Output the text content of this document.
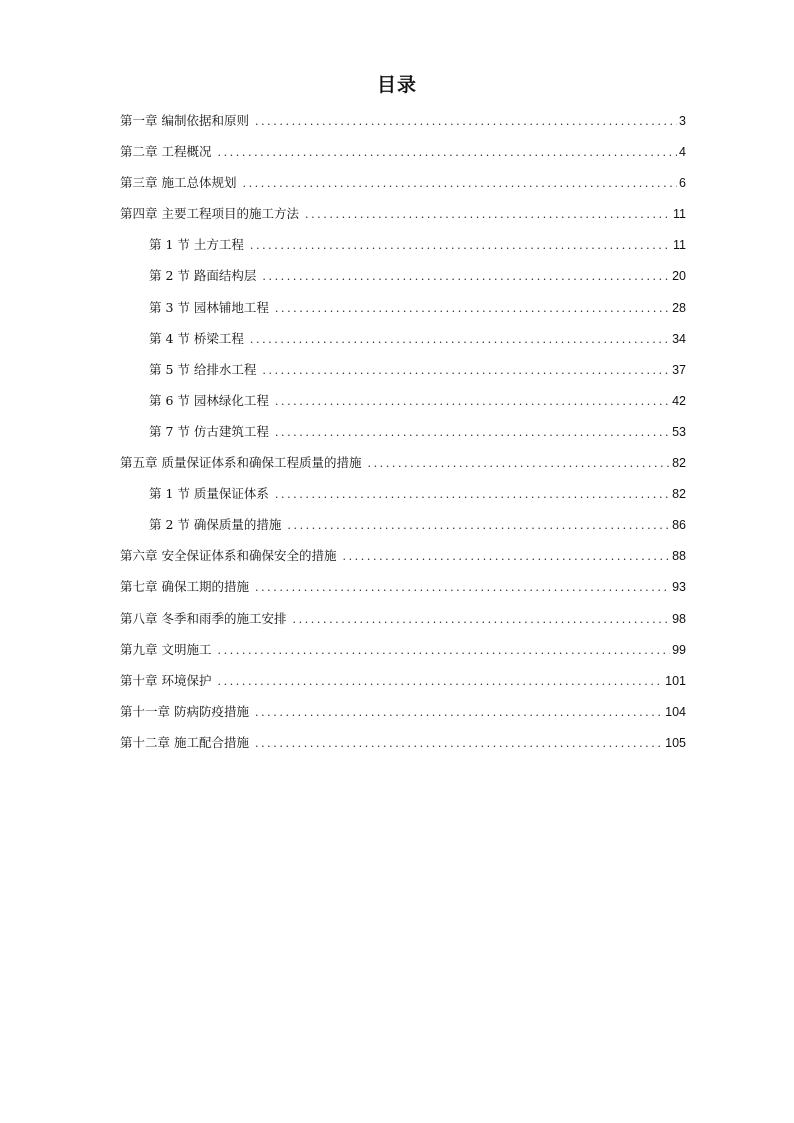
目录
第一章 编制依据和原则 .....	3
第二章 工程概况 .....	4
第三章 施工总体规划 .....	6
第四章 主要工程项目的施工方法 .....	11
第 1 节 土方工程 .....	11
第 2 节 路面结构层 .....	20
第 3 节 园林铺地工程 .....	28
第 4 节 桥梁工程 .....	34
第 5 节 给排水工程 .....	37
第 6 节 园林绿化工程 .....	42
第 7 节 仿古建筑工程 .....	53
第五章 质量保证体系和确保工程质量的措施 .....	82
第 1 节 质量保证体系 .....	82
第 2 节 确保质量的措施 .....	86
第六章 安全保证体系和确保安全的措施 .....	88
第七章 确保工期的措施 .....	93
第八章 冬季和雨季的施工安排 .....	98
第九章 文明施工 .....	99
第十章 环境保护 .....	101
第十一章 防病防疫措施 .....	104
第十二章 施工配合措施 .....	105
